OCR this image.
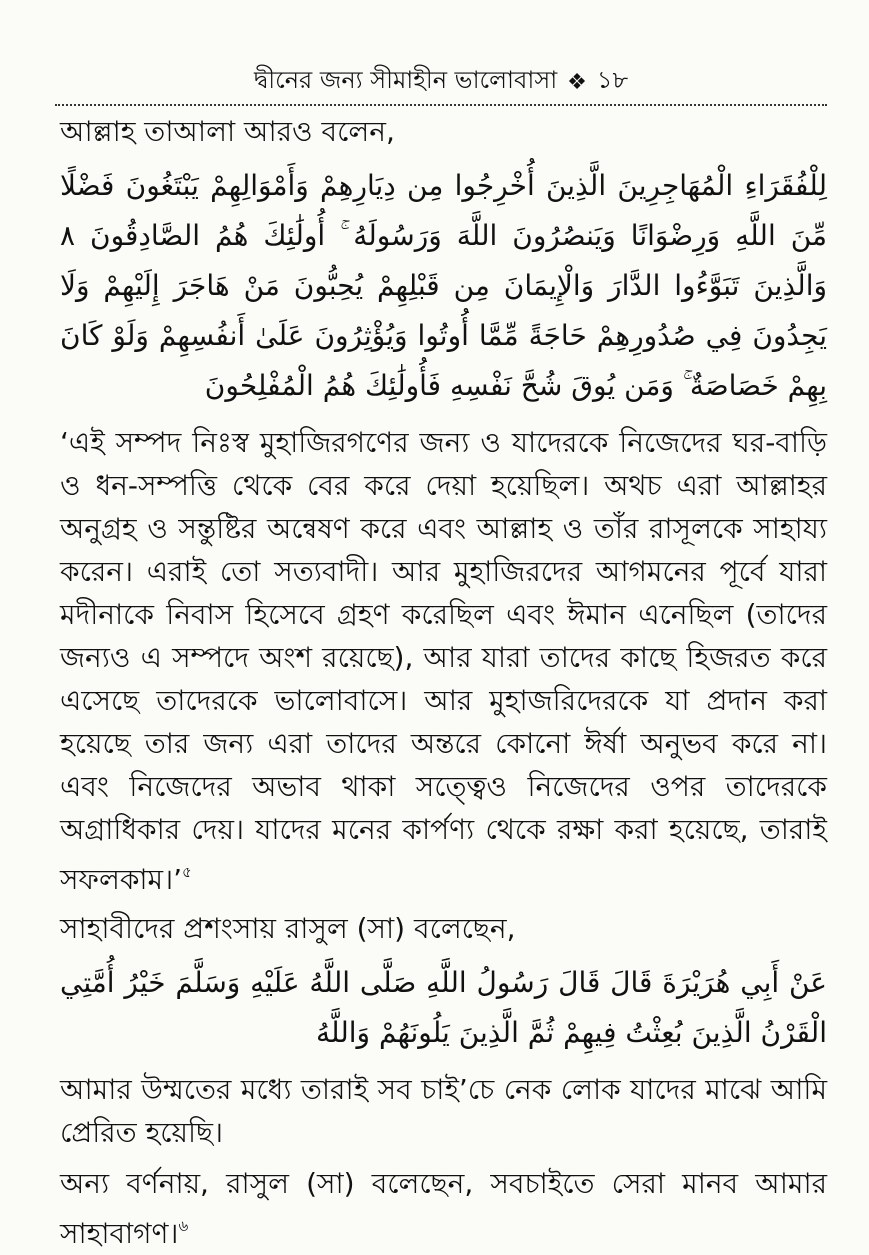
দ্বীনের জন্য সীমাহীন ভালোবাসা ❖ ১৮
আল্লাহ তাআলা আরও বলেন,
لِلْفُقَرَاءِ الْمُهَاجِرِينَ الَّذِينَ أُخْرِجُوا مِن دِيَارِهِمْ وَأَمْوَالِهِمْ يَبْتَغُونَ فَضْلًا مِّنَ اللَّهِ وَرِضْوَانًا وَيَنصُرُونَ اللَّهَ وَرَسُولَهُ ۚ أُولَٰئِكَ هُمُ الصَّادِقُونَ ٨ وَالَّذِينَ تَبَوَّءُوا الدَّارَ وَالْإِيمَانَ مِن قَبْلِهِمْ يُحِبُّونَ مَنْ هَاجَرَ إِلَيْهِمْ وَلَا يَجِدُونَ فِي صُدُورِهِمْ حَاجَةً مِّمَّا أُوتُوا وَيُؤْثِرُونَ عَلَىٰ أَنفُسِهِمْ وَلَوْ كَانَ بِهِمْ خَصَاصَةٌ ۚ وَمَن يُوقَ شُحَّ نَفْسِهِ فَأُولَٰئِكَ هُمُ الْمُفْلِحُونَ
‘এই সম্পদ নিঃস্ব মুহাজিরগণের জন্য ও যাদেরকে নিজেদের ঘর-বাড়ি ও ধন-সম্পত্তি থেকে বের করে দেয়া হয়েছিল। অথচ এরা আল্লাহর অনুগ্রহ ও সন্তুষ্টির অন্বেষণ করে এবং আল্লাহ ও তাঁর রাসূলকে সাহায্য করেন। এরাই তো সত্যবাদী। আর মুহাজিরদের আগমনের পূর্বে যারা মদীনাকে নিবাস হিসেবে গ্রহণ করেছিল এবং ঈমান এনেছিল (তাদের জন্যও এ সম্পদে অংশ রয়েছে), আর যারা তাদের কাছে হিজরত করে এসেছে তাদেরকে ভালোবাসে। আর মুহাজরিদেরকে যা প্রদান করা হয়েছে তার জন্য এরা তাদের অন্তরে কোনো ঈর্ষা অনুভব করে না। এবং নিজেদের অভাব থাকা সত্ত্বেও নিজেদের ওপর তাদেরকে অগ্রাধিকার দেয়। যাদের মনের কার্পণ্য থেকে রক্ষা করা হয়েছে, তারাই সফলকাম।’$^৫$
সাহাবীদের প্রশংসায় রাসুল (সা) বলেছেন,
عَنْ أَبِي هُرَيْرَةَ قَالَ قَالَ رَسُولُ اللَّهِ صَلَّى اللَّهُ عَلَيْهِ وَسَلَّمَ خَيْرُ أُمَّتِي الْقَرْنُ الَّذِينَ بُعِثْتُ فِيهِمْ ثُمَّ الَّذِينَ يَلُونَهُمْ وَاللَّهُ
আমার উম্মতের মধ্যে তারাই সব চাই’চে নেক লোক যাদের মাঝে আমি প্রেরিত হয়েছি।
অন্য বর্ণনায়, রাসুল (সা) বলেছেন, সবচাইতে সেরা মানব আমার সাহাবাগণ।$^৬$
